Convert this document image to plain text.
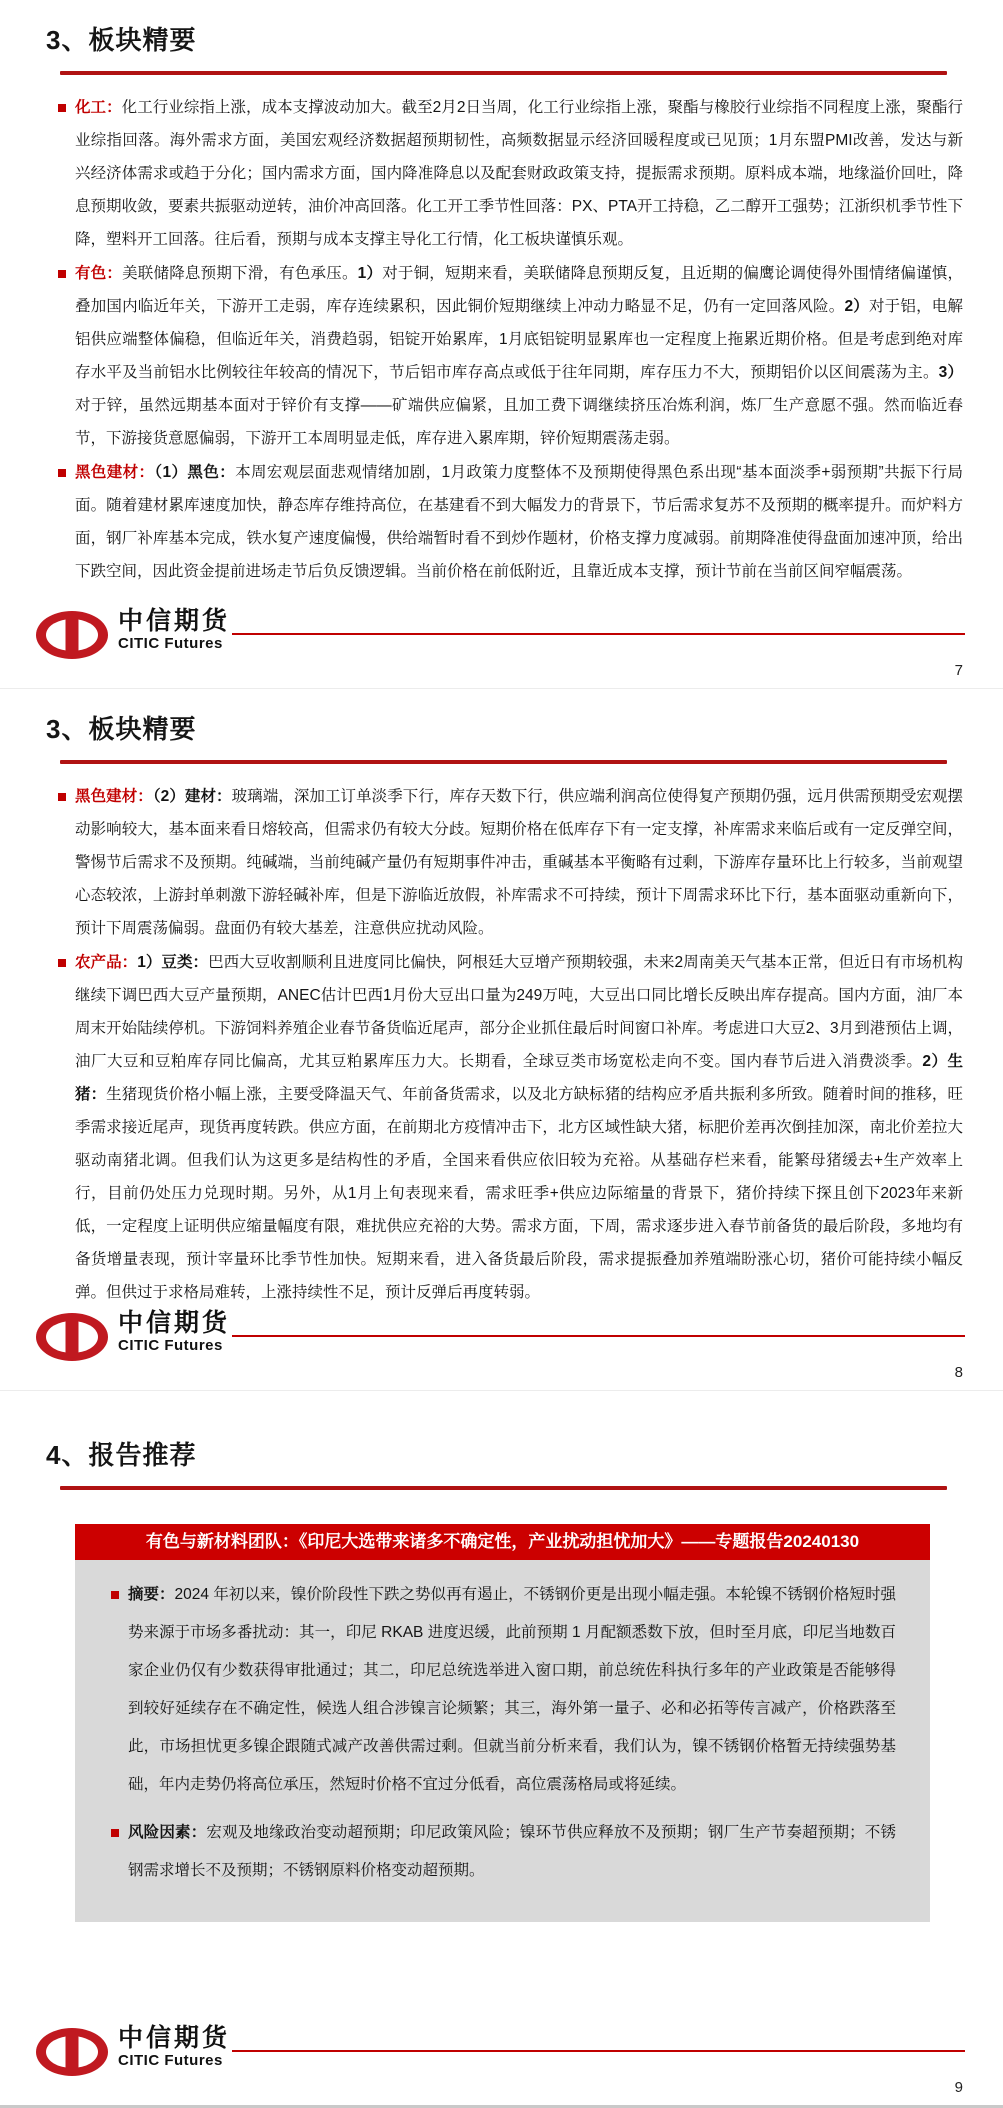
3、板块精要
化工：化工行业综指上涨，成本支撑波动加大。截至2月2日当周，化工行业综指上涨，聚酯与橡胶行业综指不同程度上涨，聚酯行业综指回落。海外需求方面，美国宏观经济数据超预期韧性，高频数据显示经济回暖程度或已见顶；1月东盟PMI改善，发达与新兴经济体需求或趋于分化；国内需求方面，国内降准降息以及配套财政政策支持，提振需求预期。原料成本端，地缘溢价回吐，降息预期收敛，要素共振驱动逆转，油价冲高回落。化工开工季节性回落：PX、PTA开工持稳，乙二醇开工强势；江浙织机季节性下降，塑料开工回落。往后看，预期与成本支撑主导化工行情，化工板块谨慎乐观。
有色：美联储降息预期下滑，有色承压。1）对于铜，短期来看，美联储降息预期反复，且近期的偏鹰论调使得外围情绪偏谨慎，叠加国内临近年关，下游开工走弱，库存连续累积，因此铜价短期继续上冲动力略显不足，仍有一定回落风险。2）对于铝，电解铝供应端整体偏稳，但临近年关，消费趋弱，铝锭开始累库，1月底铝锭明显累库也一定程度上拖累近期价格。但是考虑到绝对库存水平及当前铝水比例较往年较高的情况下，节后铝市库存高点或低于往年同期，库存压力不大，预期铝价以区间震荡为主。3）对于锌，虽然远期基本面对于锌价有支撑——矿端供应偏紧，且加工费下调继续挤压冶炼利润，炼厂生产意愿不强。然而临近春节，下游接货意愿偏弱，下游开工本周明显走低，库存进入累库期，锌价短期震荡走弱。
黑色建材：（1）黑色：本周宏观层面悲观情绪加剧，1月政策力度整体不及预期使得黑色系出现“基本面淡季+弱预期”共振下行局面。随着建材累库速度加快，静态库存维持高位，在基建看不到大幅发力的背景下，节后需求复苏不及预期的概率提升。而炉料方面，钢厂补库基本完成，铁水复产速度偏慢，供给端暂时看不到炒作题材，价格支撑力度减弱。前期降准使得盘面加速冲顶，给出下跌空间，因此资金提前进场走节后负反馈逻辑。当前价格在前低附近，且靠近成本支撑，预计节前在当前区间窄幅震荡。
中信期货
CITIC Futures
7
3、板块精要
黑色建材：（2）建材：玻璃端，深加工订单淡季下行，库存天数下行，供应端利润高位使得复产预期仍强，远月供需预期受宏观摆动影响较大，基本面来看日熔较高，但需求仍有较大分歧。短期价格在低库存下有一定支撑，补库需求来临后或有一定反弹空间，警惕节后需求不及预期。纯碱端，当前纯碱产量仍有短期事件冲击，重碱基本平衡略有过剩，下游库存量环比上行较多，当前观望心态较浓，上游封单刺激下游轻碱补库，但是下游临近放假，补库需求不可持续，预计下周需求环比下行，基本面驱动重新向下，预计下周震荡偏弱。盘面仍有较大基差，注意供应扰动风险。
农产品：1）豆类：巴西大豆收割顺利且进度同比偏快，阿根廷大豆增产预期较强，未来2周南美天气基本正常，但近日有市场机构继续下调巴西大豆产量预期，ANEC估计巴西1月份大豆出口量为249万吨，大豆出口同比增长反映出库存提高。国内方面，油厂本周末开始陆续停机。下游饲料养殖企业春节备货临近尾声，部分企业抓住最后时间窗口补库。考虑进口大豆2、3月到港预估上调，油厂大豆和豆粕库存同比偏高，尤其豆粕累库压力大。长期看，全球豆类市场宽松走向不变。国内春节后进入消费淡季。2）生猪：生猪现货价格小幅上涨，主要受降温天气、年前备货需求，以及北方缺标猪的结构应矛盾共振利多所致。随着时间的推移，旺季需求接近尾声，现货再度转跌。供应方面，在前期北方疫情冲击下，北方区域性缺大猪，标肥价差再次倒挂加深，南北价差拉大驱动南猪北调。但我们认为这更多是结构性的矛盾，全国来看供应依旧较为充裕。从基础存栏来看，能繁母猪缓去+生产效率上行，目前仍处压力兑现时期。另外，从1月上旬表现来看，需求旺季+供应边际缩量的背景下，猪价持续下探且创下2023年来新低，一定程度上证明供应缩量幅度有限，难扰供应充裕的大势。需求方面，下周，需求逐步进入春节前备货的最后阶段，多地均有备货增量表现，预计宰量环比季节性加快。短期来看，进入备货最后阶段，需求提振叠加养殖端盼涨心切，猪价可能持续小幅反弹。但供过于求格局难转，上涨持续性不足，预计反弹后再度转弱。
中信期货
CITIC Futures
8
4、报告推荐
有色与新材料团队：《印尼大选带来诸多不确定性，产业扰动担忧加大》——专题报告20240130
摘要：2024 年初以来，镍价阶段性下跌之势似再有遏止，不锈钢价更是出现小幅走强。本轮镍不锈钢价格短时强势来源于市场多番扰动：其一，印尼 RKAB 进度迟缓，此前预期 1 月配额悉数下放，但时至月底，印尼当地数百家企业仍仅有少数获得审批通过；其二，印尼总统选举进入窗口期，前总统佐科执行多年的产业政策是否能够得到较好延续存在不确定性，候选人组合涉镍言论频繁；其三，海外第一量子、必和必拓等传言减产，价格跌落至此，市场担忧更多镍企跟随式减产改善供需过剩。但就当前分析来看，我们认为，镍不锈钢价格暂无持续强势基础，年内走势仍将高位承压，然短时价格不宜过分低看，高位震荡格局或将延续。
风险因素：宏观及地缘政治变动超预期；印尼政策风险；镍环节供应释放不及预期；钢厂生产节奏超预期；不锈钢需求增长不及预期；不锈钢原料价格变动超预期。
中信期货
CITIC Futures
9
